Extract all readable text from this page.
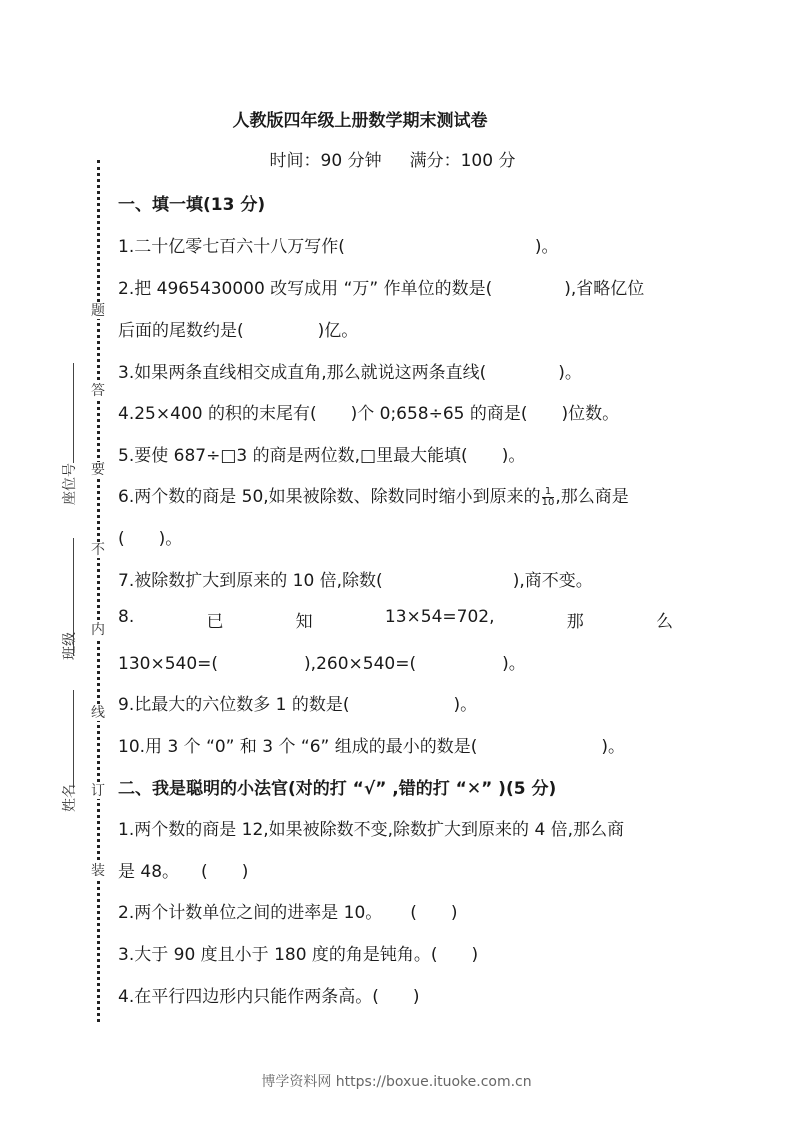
人教版四年级上册数学期末测试卷
时间：90 分钟 满分：100 分
题
答
要
不
内
线
订
装
座位号
班级
姓名
一、填一填(13 分)
1.二十亿零七百六十八万写作(	)。
2.把 4965430000 改写成用 “万” 作单位的数是(	),省略亿位
后面的尾数约是(	)亿。
3.如果两条直线相交成直角,那么就说这两条直线(	)。
4.25×400 的积的末尾有( )个 0;658÷65 的商是( )位数。
5.要使 687÷□3 的商是两位数,□里最大能填( )。
6.两个数的商是 50,如果被除数、除数同时缩小到原来的 $\frac{1}{10}$ ,那么商是
( )。
7.被除数扩大到原来的 10 倍,除数(	),商不变。
8.	已	知	13×54=702,	那	么
130×540=(	),260×540=(	)。
9.比最大的六位数多 1 的数是(	)。
10.用 3 个 “0” 和 3 个 “6” 组成的最小的数是(	)。
二、我是聪明的小法官(对的打 “√” ,错的打 “✕” )(5 分)
1.两个数的商是 12,如果被除数不变,除数扩大到原来的 4 倍,那么商
是 48。 ( )
2.两个计数单位之间的进率是 10。 ( )
3.大于 90 度且小于 180 度的角是钝角。( )
4.在平行四边形内只能作两条高。( )
博学资料网 https://boxue.ituoke.com.cn
